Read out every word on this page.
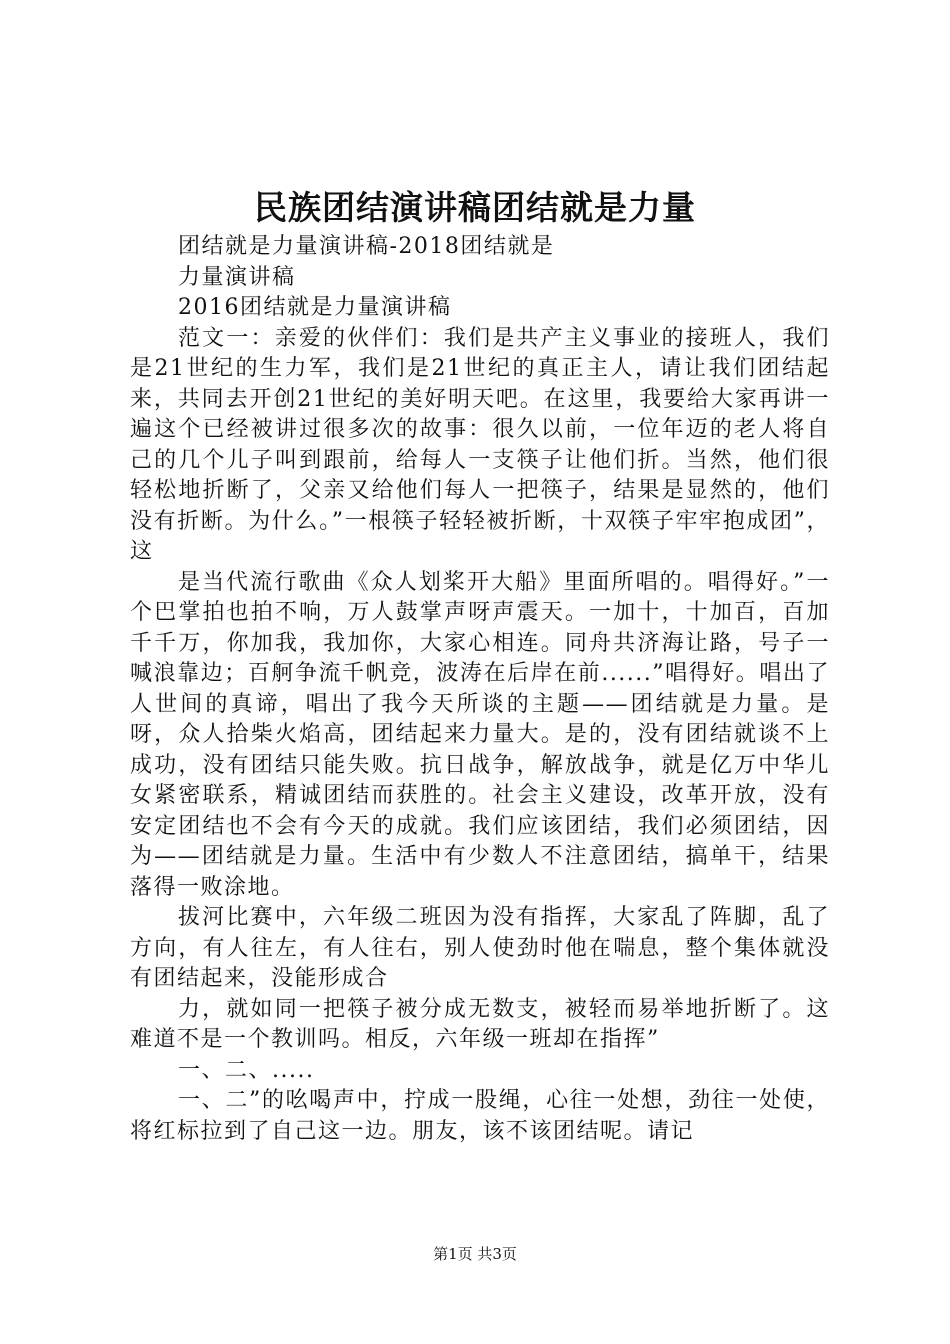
民族团结演讲稿团结就是力量

团结就是力量演讲稿-2018团结就是

力量演讲稿

2016团结就是力量演讲稿

范文一：亲爱的伙伴们：我们是共产主义事业的接班人，我们是21世纪的生力军，我们是21世纪的真正主人，请让我们团结起来，共同去开创21世纪的美好明天吧。在这里，我要给大家再讲一遍这个已经被讲过很多次的故事：很久以前，一位年迈的老人将自己的几个儿子叫到跟前，给每人一支筷子让他们折。当然，他们很轻松地折断了，父亲又给他们每人一把筷子，结果是显然的，他们没有折断。为什么。”一根筷子轻轻被折断，十双筷子牢牢抱成团”，这

是当代流行歌曲《众人划桨开大船》里面所唱的。唱得好。”一个巴掌拍也拍不响，万人鼓掌声呀声震天。一加十，十加百，百加千千万，你加我，我加你，大家心相连。同舟共济海让路，号子一喊浪靠边；百舸争流千帆竞，波涛在后岸在前......”唱得好。唱出了人世间的真谛，唱出了我今天所谈的主题——团结就是力量。是呀，众人拾柴火焰高，团结起来力量大。是的，没有团结就谈不上成功，没有团结只能失败。抗日战争，解放战争，就是亿万中华儿女紧密联系，精诚团结而获胜的。社会主义建设，改革开放，没有安定团结也不会有今天的成就。我们应该团结，我们必须团结，因为——团结就是力量。生活中有少数人不注意团结，搞单干，结果落得一败涂地。

拔河比赛中，六年级二班因为没有指挥，大家乱了阵脚，乱了方向，有人往左，有人往右，别人使劲时他在喘息，整个集体就没有团结起来，没能形成合

力，就如同一把筷子被分成无数支，被轻而易举地折断了。这难道不是一个教训吗。相反，六年级一班却在指挥”

一、二、.....

一、二”的吆喝声中，拧成一股绳，心往一处想，劲往一处使，将红标拉到了自己这一边。朋友，该不该团结呢。请记

第1页 共3页
